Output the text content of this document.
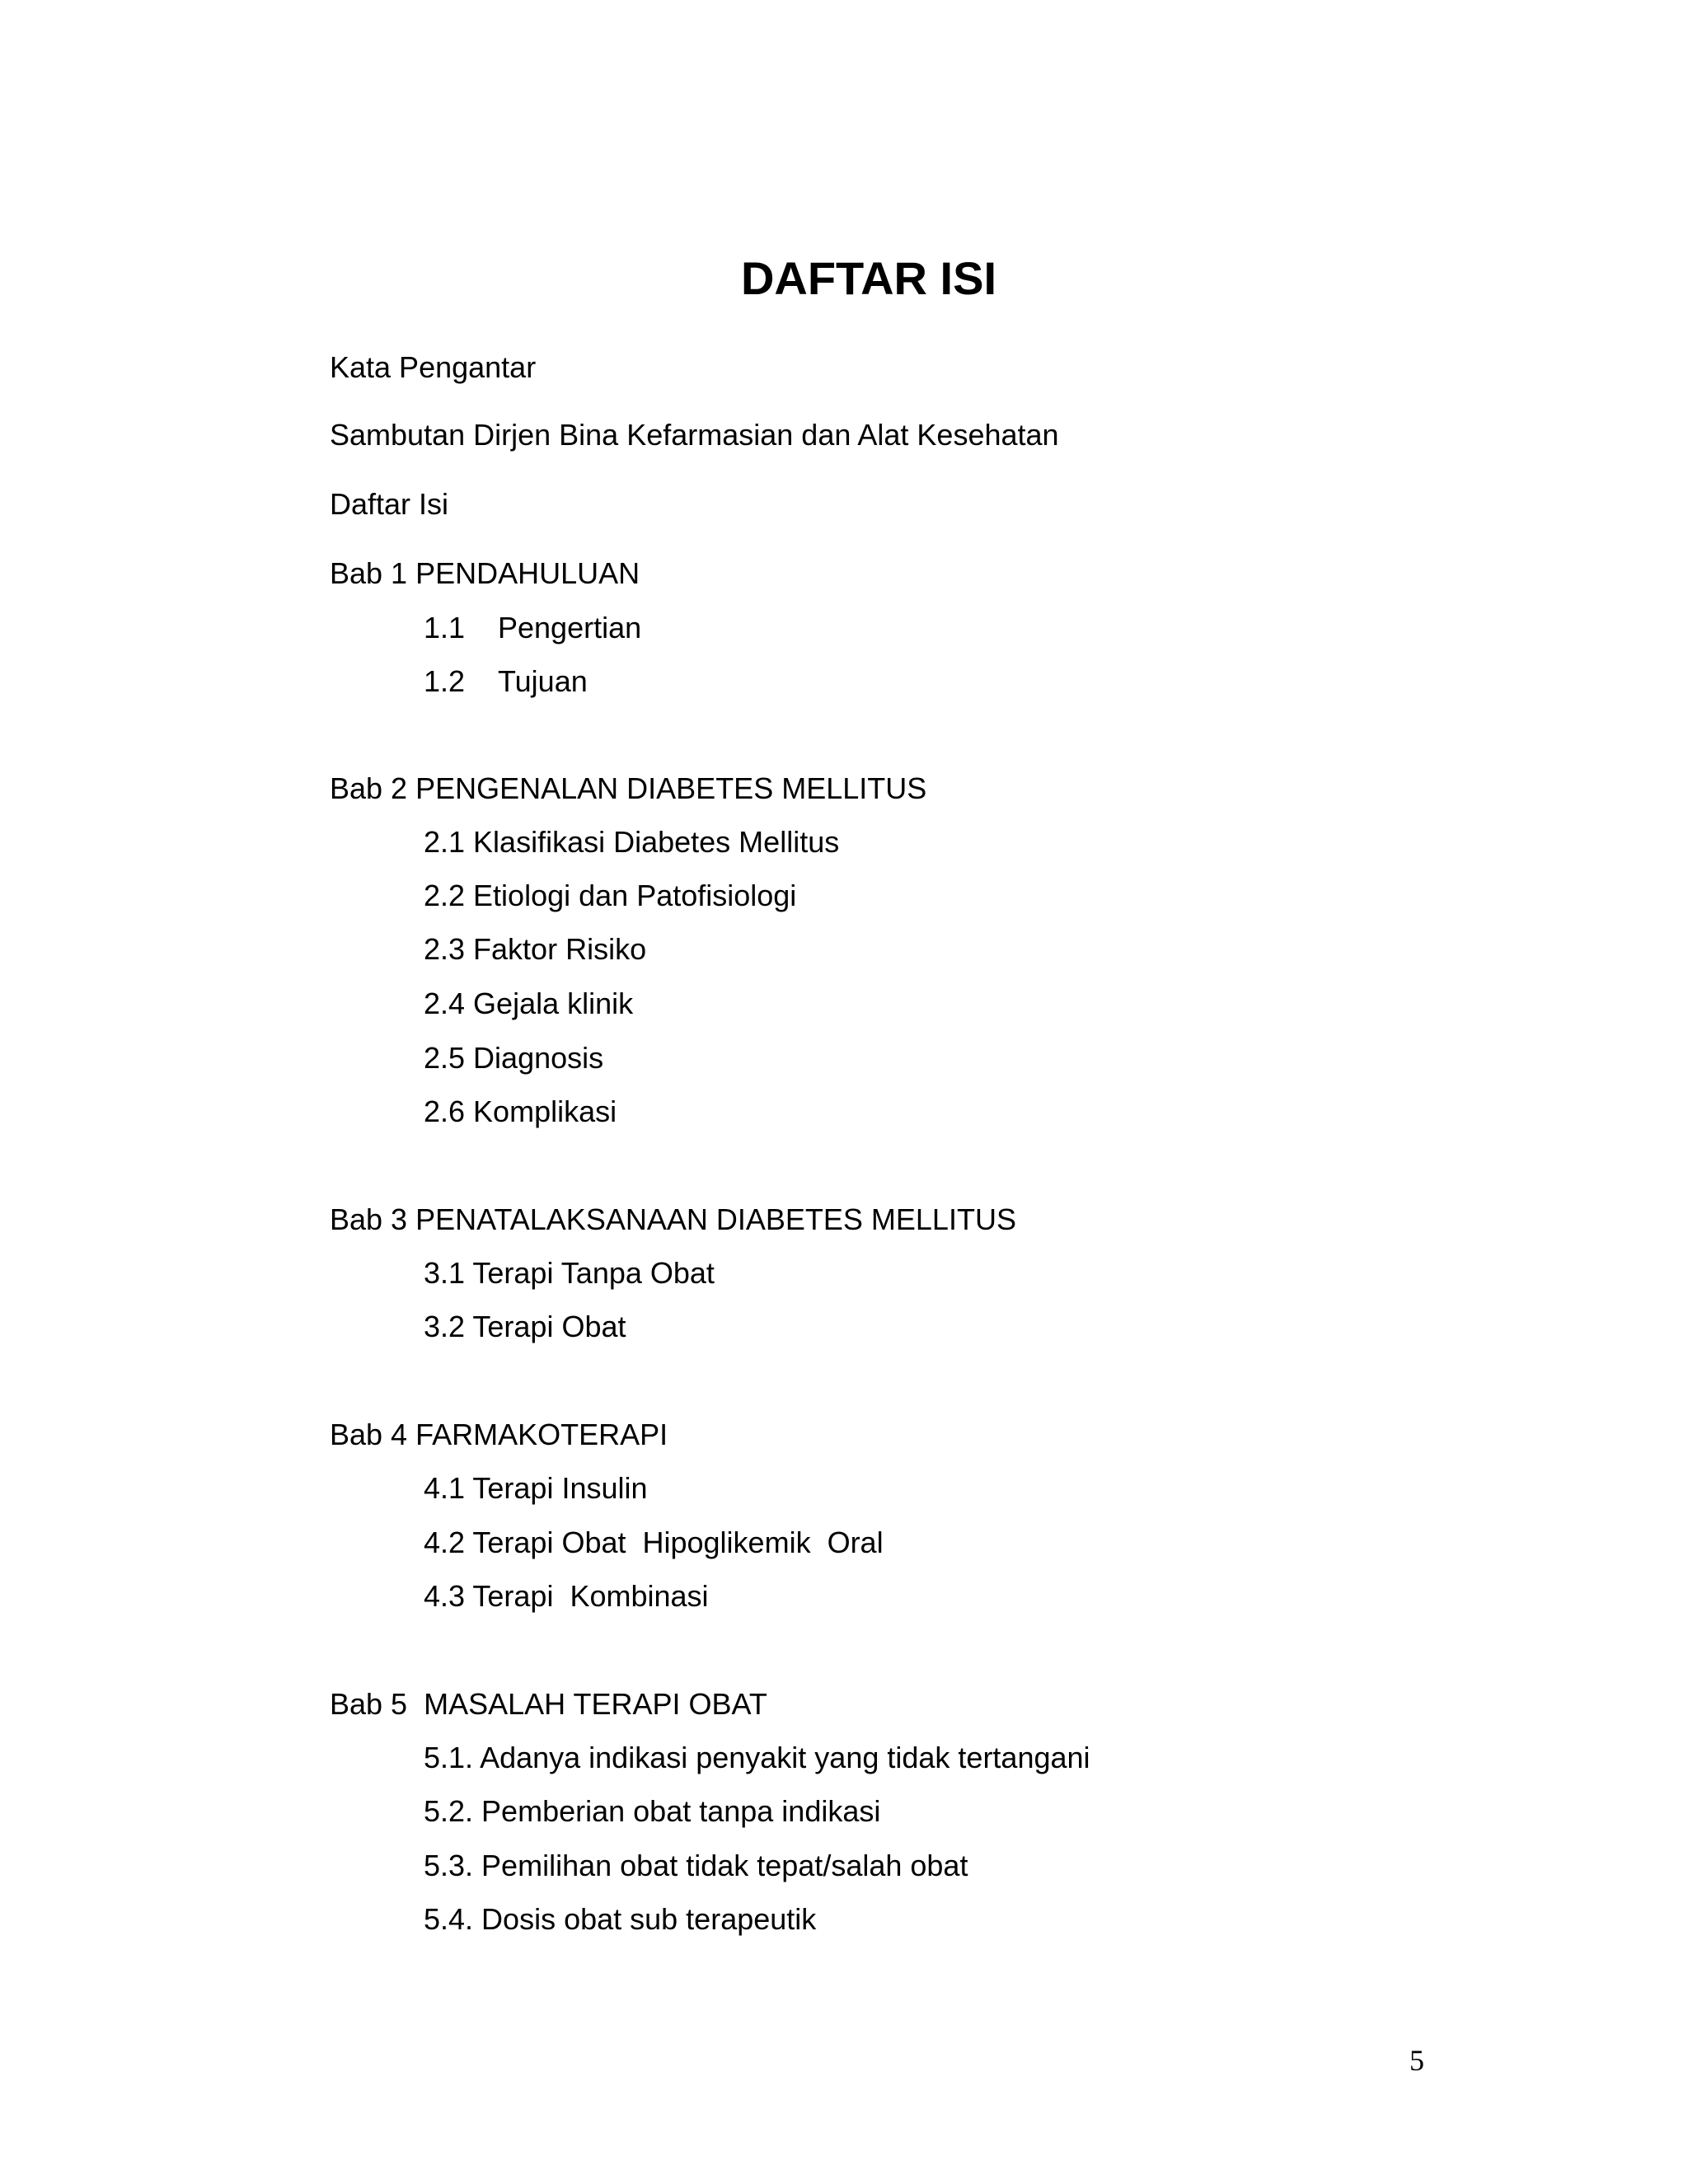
DAFTAR ISI
Kata Pengantar
Sambutan Dirjen Bina Kefarmasian dan Alat Kesehatan
Daftar Isi
Bab 1 PENDAHULUAN
1.1 Pengertian
1.2 Tujuan
Bab 2 PENGENALAN DIABETES MELLITUS
2.1 Klasifikasi Diabetes Mellitus
2.2 Etiologi dan Patofisiologi
2.3 Faktor Risiko
2.4 Gejala klinik
2.5 Diagnosis
2.6 Komplikasi
Bab 3 PENATALAKSANAAN DIABETES MELLITUS
3.1 Terapi Tanpa Obat
3.2 Terapi Obat
Bab 4 FARMAKOTERAPI
4.1 Terapi Insulin
4.2 Terapi Obat  Hipoglikemik  Oral
4.3 Terapi  Kombinasi
Bab 5  MASALAH TERAPI OBAT
5.1. Adanya indikasi penyakit yang tidak tertangani
5.2. Pemberian obat tanpa indikasi
5.3. Pemilihan obat tidak tepat/salah obat
5.4. Dosis obat sub terapeutik
5
